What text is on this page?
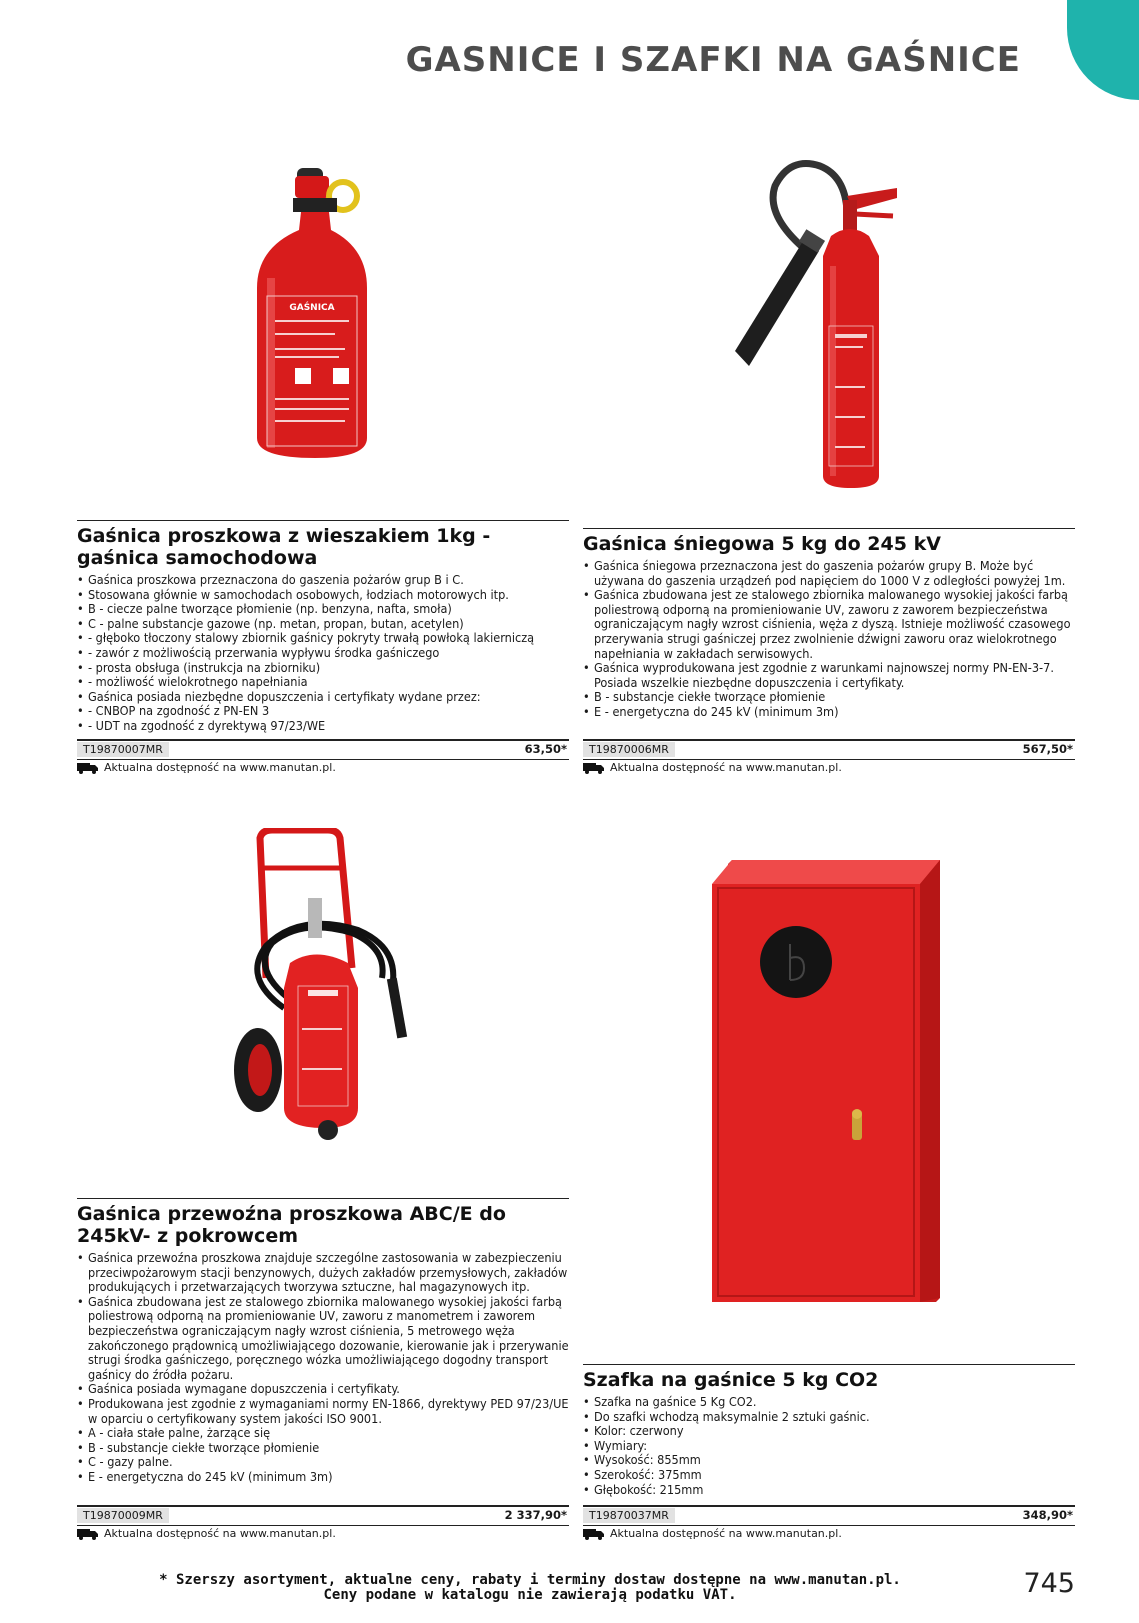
GASNICE I SZAFKI NA GAŚNICE
GAŚNICA
Gaśnica proszkowa z wieszakiem 1kg - gaśnica samochodowa
• Gaśnica proszkowa przeznaczona do gaszenia pożarów grup B i C.
• Stosowana głównie w samochodach osobowych, łodziach motorowych itp.
• B - ciecze palne tworzące płomienie (np. benzyna, nafta, smoła)
• C - palne substancje gazowe (np. metan, propan, butan, acetylen)
• - głęboko tłoczony stalowy zbiornik gaśnicy pokryty trwałą powłoką lakierniczą
• - zawór z możliwością przerwania wypływu środka gaśniczego
• - prosta obsługa (instrukcja na zbiorniku)
• - możliwość wielokrotnego napełniania
• Gaśnica posiada niezbędne dopuszczenia i certyfikaty wydane przez:
• - CNBOP na zgodność z PN-EN 3
• - UDT na zgodność z dyrektywą 97/23/WE
T19870007MR	63,50*
Aktualna dostępność na www.manutan.pl.
Gaśnica śniegowa 5 kg do 245 kV
• Gaśnica śniegowa przeznaczona jest do gaszenia pożarów grupy B. Może być używana do gaszenia urządzeń pod napięciem do 1000 V z odległości powyżej 1m.
• Gaśnica zbudowana jest ze stalowego zbiornika malowanego wysokiej jakości farbą poliestrową odporną na promieniowanie UV, zaworu z zaworem bezpieczeństwa ograniczającym nagły wzrost ciśnienia, węża z dyszą. Istnieje możliwość czasowego przerywania strugi gaśniczej przez zwolnienie dźwigni zaworu oraz wielokrotnego napełniania w zakładach serwisowych.
• Gaśnica wyprodukowana jest zgodnie z warunkami najnowszej normy PN-EN-3-7. Posiada wszelkie niezbędne dopuszczenia i certyfikaty.
• B - substancje ciekłe tworzące płomienie
• E - energetyczna do 245 kV (minimum 3m)
T19870006MR	567,50*
Aktualna dostępność na www.manutan.pl.
Gaśnica przewoźna proszkowa ABC/E do 245kV- z pokrowcem
• Gaśnica przewoźna proszkowa znajduje szczególne zastosowania w zabezpieczeniu przeciwpożarowym stacji benzynowych, dużych zakładów przemysłowych, zakładów produkujących i przetwarzających tworzywa sztuczne, hal magazynowych itp.
• Gaśnica zbudowana jest ze stalowego zbiornika malowanego wysokiej jakości farbą poliestrową odporną na promieniowanie UV, zaworu z manometrem i zaworem bezpieczeństwa ograniczającym nagły wzrost ciśnienia, 5 metrowego węża zakończonego prądownicą umożliwiającego dozowanie, kierowanie jak i przerywanie strugi środka gaśniczego, poręcznego wózka umożliwiającego dogodny transport gaśnicy do źródła pożaru.
• Gaśnica posiada wymagane dopuszczenia i certyfikaty.
• Produkowana jest zgodnie z wymaganiami normy EN-1866, dyrektywy PED 97/23/UE w oparciu o certyfikowany system jakości ISO 9001.
• A - ciała stałe palne, żarzące się
• B - substancje ciekłe tworzące płomienie
• C - gazy palne.
• E - energetyczna do 245 kV (minimum 3m)
T19870009MR	2 337,90*
Aktualna dostępność na www.manutan.pl.
Szafka na gaśnice 5 kg CO2
• Szafka na gaśnice 5 Kg CO2.
• Do szafki wchodzą maksymalnie 2 sztuki gaśnic.
• Kolor: czerwony
• Wymiary:
• Wysokość: 855mm
• Szerokość: 375mm
• Głębokość: 215mm
T19870037MR	348,90*
Aktualna dostępność na www.manutan.pl.
* Szerszy asortyment, aktualne ceny, rabaty i terminy dostaw dostępne na www.manutan.pl.
Ceny podane w katalogu nie zawierają podatku VAT.	745
